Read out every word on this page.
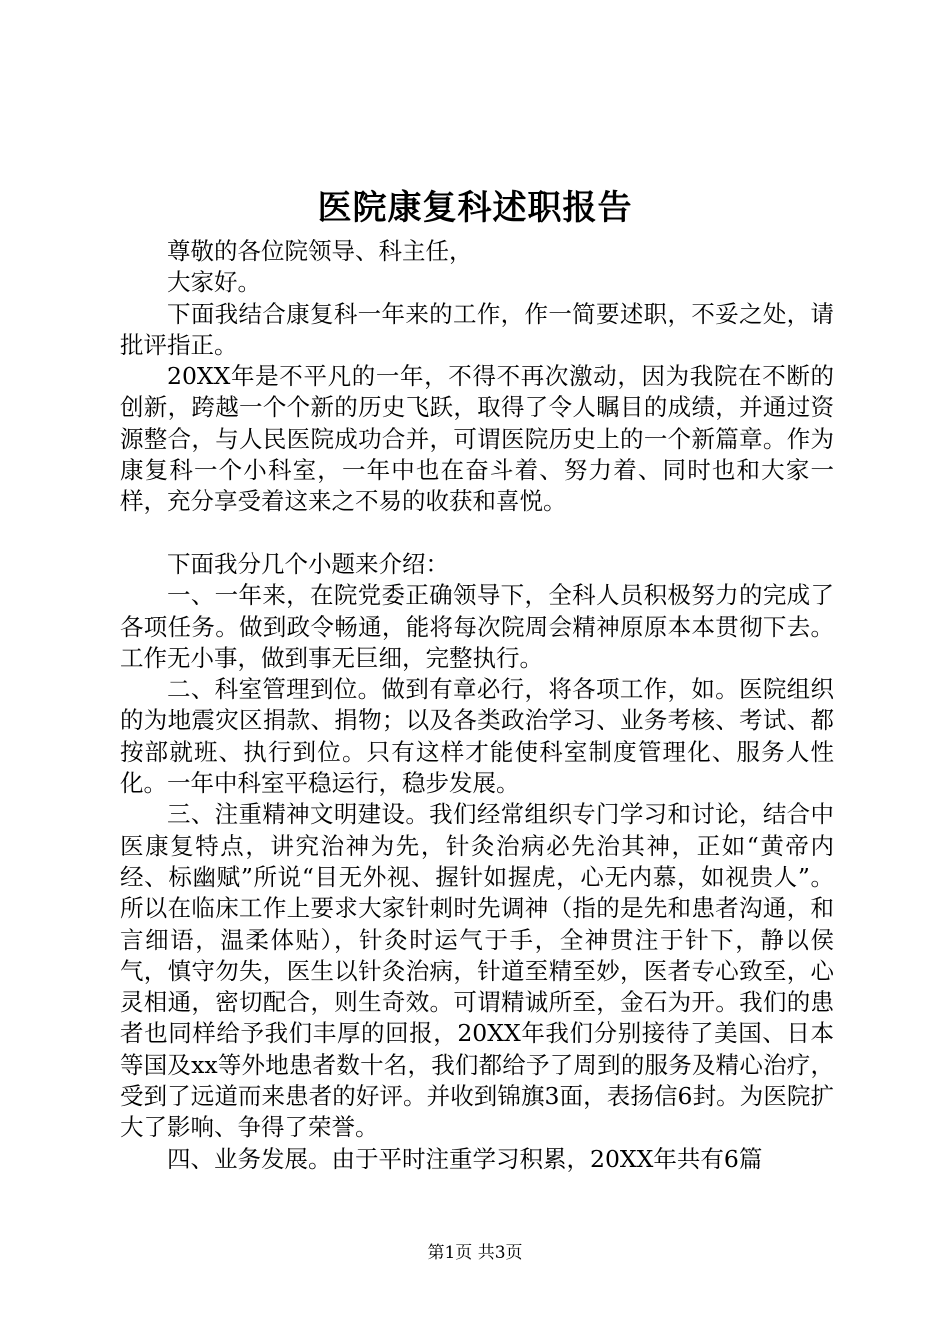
医院康复科述职报告

尊敬的各位院领导、科主任，

大家好。

下面我结合康复科一年来的工作，作一简要述职，不妥之处，请批评指正。

20XX年是不平凡的一年，不得不再次激动，因为我院在不断的创新，跨越一个个新的历史飞跃，取得了令人瞩目的成绩，并通过资源整合，与人民医院成功合并，可谓医院历史上的一个新篇章。作为康复科一个小科室，一年中也在奋斗着、努力着、同时也和大家一样，充分享受着这来之不易的收获和喜悦。

下面我分几个小题来介绍：

一、一年来，在院党委正确领导下，全科人员积极努力的完成了各项任务。做到政令畅通，能将每次院周会精神原原本本贯彻下去。工作无小事，做到事无巨细，完整执行。

二、科室管理到位。做到有章必行，将各项工作，如。医院组织的为地震灾区捐款、捐物；以及各类政治学习、业务考核、考试、都按部就班、执行到位。只有这样才能使科室制度管理化、服务人性化。一年中科室平稳运行，稳步发展。

三、注重精神文明建设。我们经常组织专门学习和讨论，结合中医康复特点，讲究治神为先，针灸治病必先治其神，正如“黄帝内经、标幽赋”所说“目无外视、握针如握虎，心无内慕，如视贵人”。所以在临床工作上要求大家针刺时先调神（指的是先和患者沟通，和言细语，温柔体贴），针灸时运气于手，全神贯注于针下，静以侯气，慎守勿失，医生以针灸治病，针道至精至妙，医者专心致至，心灵相通，密切配合，则生奇效。可谓精诚所至，金石为开。我们的患者也同样给予我们丰厚的回报，20XX年我们分别接待了美国、日本等国及xx等外地患者数十名，我们都给予了周到的服务及精心治疗，受到了远道而来患者的好评。并收到锦旗3面，表扬信6封。为医院扩大了影响、争得了荣誉。

四、业务发展。由于平时注重学习积累，20XX年共有6篇

第1页 共3页
